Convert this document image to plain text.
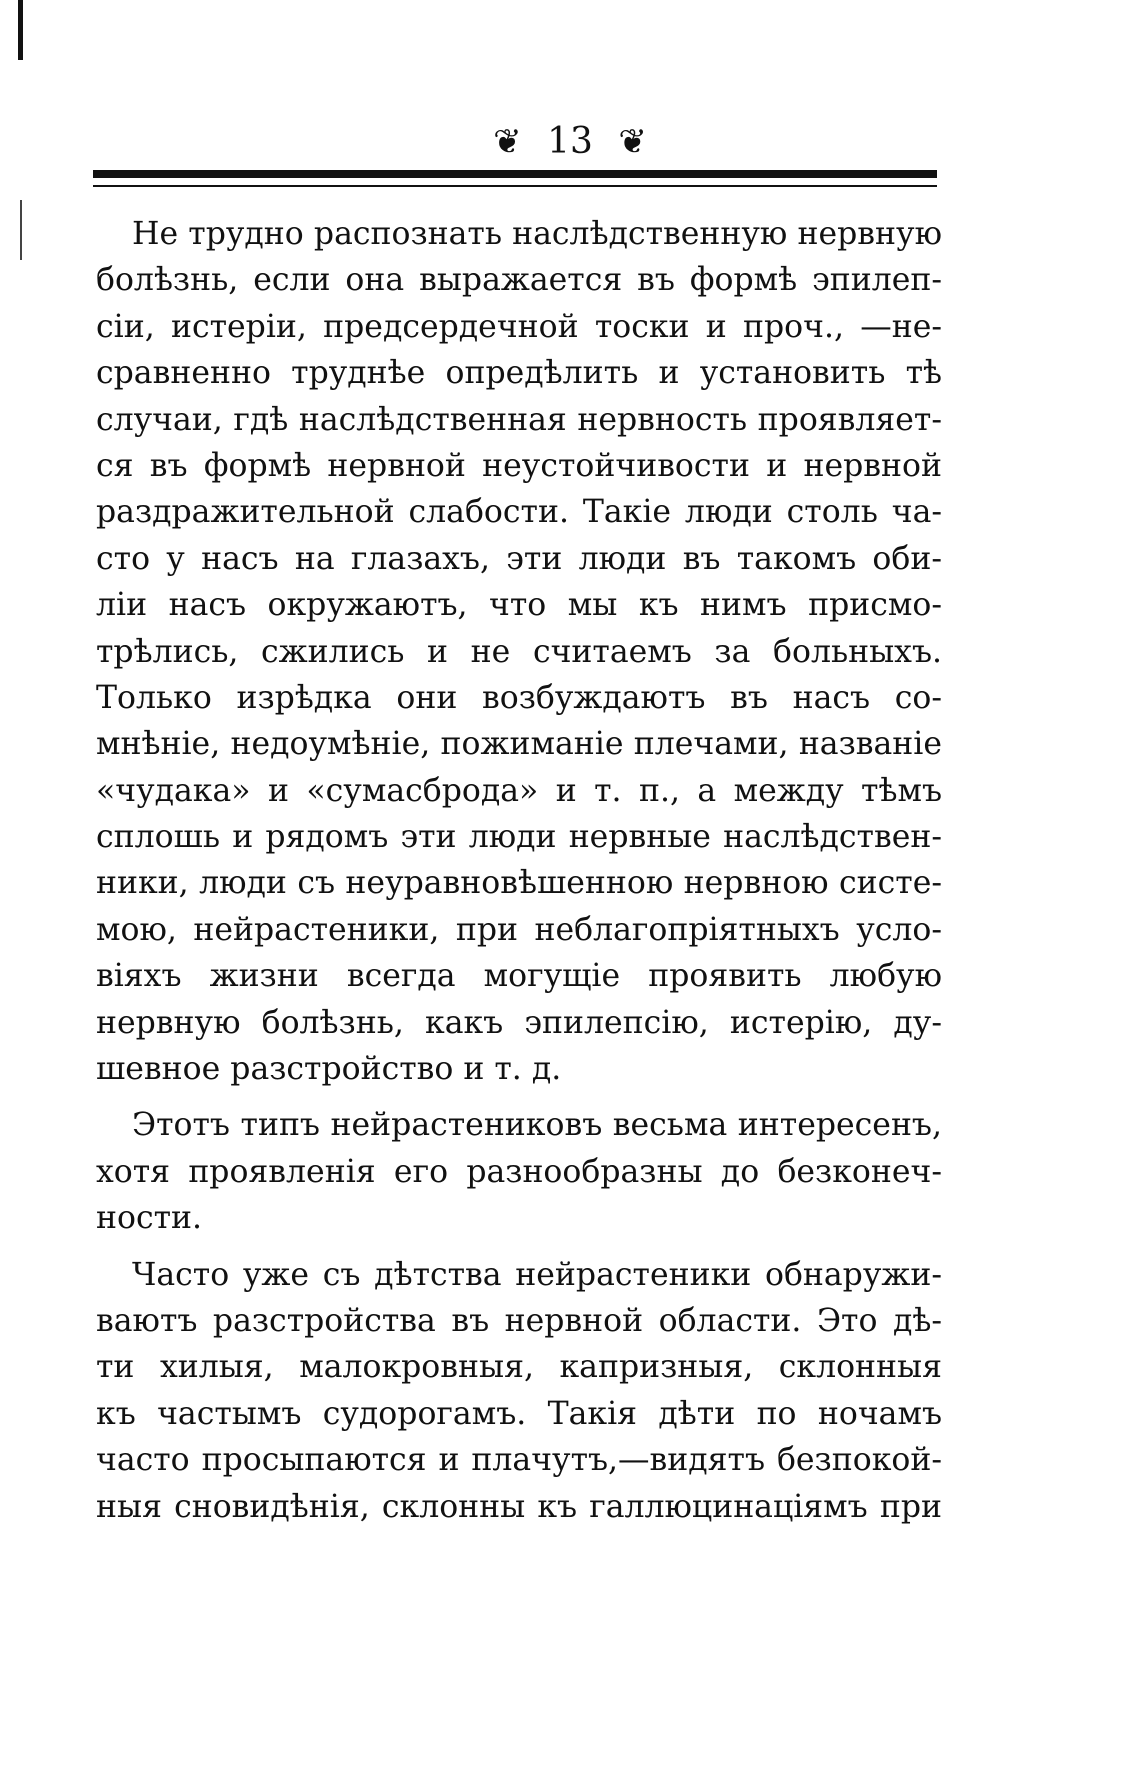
❦ 13 ❦
Не трудно распознать наслѣдственную нервную
болѣзнь, если она выражается въ формѣ эпилеп-
сіи, истеріи, предсердечной тоски и проч., —не-
сравненно труднѣе опредѣлить и установить тѣ
случаи, гдѣ наслѣдственная нервность проявляет-
ся въ формѣ нервной неустойчивости и нервной
раздражительной слабости. Такіе люди столь ча-
сто у насъ на глазахъ, эти люди въ такомъ оби-
ліи насъ окружаютъ, что мы къ нимъ присмо-
трѣлись, сжились и не считаемъ за больныхъ.
Только изрѣдка они возбуждаютъ въ насъ со-
мнѣніе, недоумѣніе, пожиманіе плечами, названіе
«чудака» и «сумасброда» и т. п., а между тѣмъ
сплошь и рядомъ эти люди нервные наслѣдствен-
ники, люди съ неуравновѣшенною нервною систе-
мою, нейрастеники, при неблагопріятныхъ усло-
віяхъ жизни всегда могущіе проявить любую
нервную болѣзнь, какъ эпилепсію, истерію, ду-
шевное разстройство и т. д.
Этотъ типъ нейрастениковъ весьма интересенъ,
хотя проявленія его разнообразны до безконеч-
ности.
Часто уже съ дѣтства нейрастеники обнаружи-
ваютъ разстройства въ нервной области. Это дѣ-
ти хилыя, малокровныя, капризныя, склонныя
къ частымъ судорогамъ. Такія дѣти по ночамъ
часто просыпаются и плачутъ,—видятъ безпокой-
ныя сновидѣнія, склонны къ галлюцинаціямъ при
